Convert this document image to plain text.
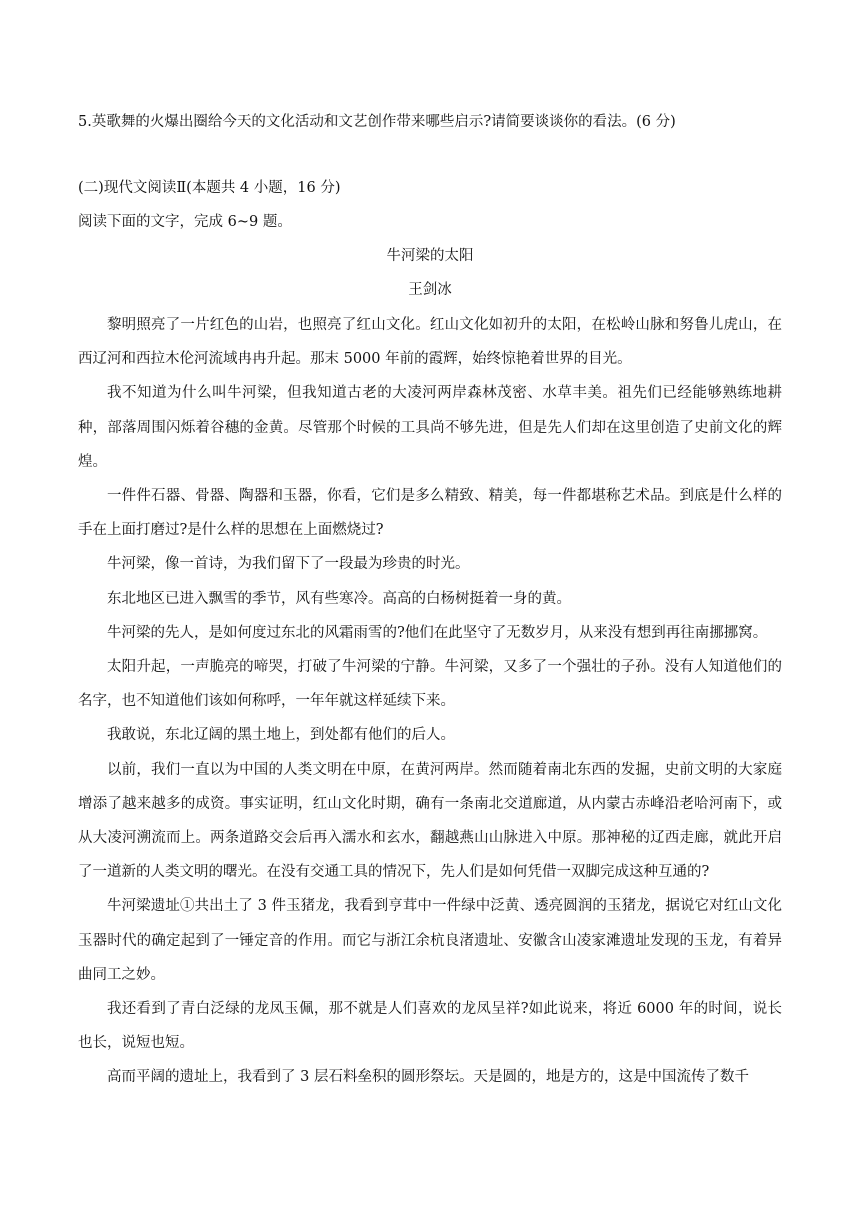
5.英歌舞的火爆出圈给今天的文化活动和文艺创作带来哪些启示?请简要谈谈你的看法。(6 分)
(二)现代文阅读Ⅱ(本题共 4 小题，16 分)
阅读下面的文字，完成 6~9 题。
牛河梁的太阳
王剑冰

黎明照亮了一片红色的山岩，也照亮了红山文化。红山文化如初升的太阳，在松岭山脉和努鲁儿虎山，在西辽河和西拉木伦河流域冉冉升起。那末 5000 年前的霞辉，始终惊艳着世界的目光。

我不知道为什么叫牛河梁，但我知道古老的大凌河两岸森林茂密、水草丰美。祖先们已经能够熟练地耕种，部落周围闪烁着谷穗的金黄。尽管那个时候的工具尚不够先进，但是先人们却在这里创造了史前文化的辉煌。

一件件石器、骨器、陶器和玉器，你看，它们是多么精致、精美，每一件都堪称艺术品。到底是什么样的手在上面打磨过?是什么样的思想在上面燃烧过?

牛河梁，像一首诗，为我们留下了一段最为珍贵的时光。

东北地区已进入飘雪的季节，风有些寒冷。高高的白杨树挺着一身的黄。

牛河梁的先人，是如何度过东北的风霜雨雪的?他们在此坚守了无数岁月，从来没有想到再往南挪挪窝。

太阳升起，一声脆亮的啼哭，打破了牛河梁的宁静。牛河梁，又多了一个强壮的子孙。没有人知道他们的名字，也不知道他们该如何称呼，一年年就这样延续下来。

我敢说，东北辽阔的黑土地上，到处都有他们的后人。

以前，我们一直以为中国的人类文明在中原，在黄河两岸。然而随着南北东西的发掘，史前文明的大家庭增添了越来越多的成资。事实证明，红山文化时期，确有一条南北交道廊道，从内蒙古赤峰沿老哈河南下，或从大凌河溯流而上。两条道路交会后再入濡水和玄水，翻越燕山山脉进入中原。那神秘的辽西走廊，就此开启了一道新的人类文明的曙光。在没有交通工具的情况下，先人们是如何凭借一双脚完成这种互通的?

牛河梁遗址①共出土了 3 件玉猪龙，我看到亨茸中一件绿中泛黄、透亮圆润的玉猪龙，据说它对红山文化玉器时代的确定起到了一锤定音的作用。而它与浙江余杭良渚遗址、安徽含山凌家滩遗址发现的玉龙，有着异曲同工之妙。

我还看到了青白泛绿的龙凤玉佩，那不就是人们喜欢的龙凤呈祥?如此说来，将近 6000 年的时间，说长也长，说短也短。

高而平阔的遗址上，我看到了 3 层石料垒积的圆形祭坛。天是圆的，地是方的，这是中国流传了数千
